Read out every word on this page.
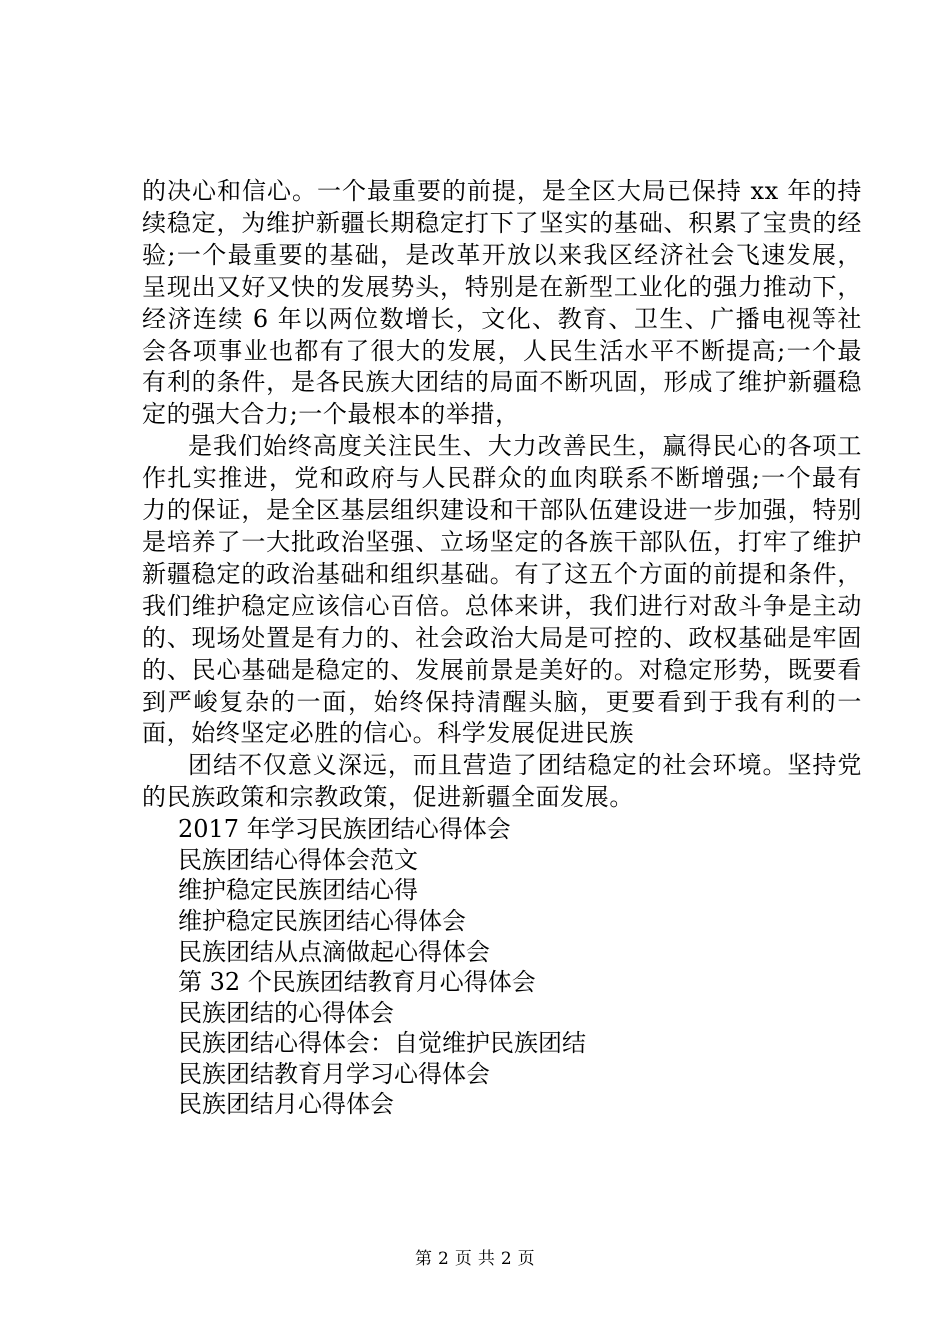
的决心和信心。一个最重要的前提，是全区大局已保持 xx 年的持续稳定，为维护新疆长期稳定打下了坚实的基础、积累了宝贵的经验;一个最重要的基础，是改革开放以来我区经济社会飞速发展，呈现出又好又快的发展势头，特别是在新型工业化的强力推动下，经济连续 6 年以两位数增长，文化、教育、卫生、广播电视等社会各项事业也都有了很大的发展，人民生活水平不断提高;一个最有利的条件，是各民族大团结的局面不断巩固，形成了维护新疆稳定的强大合力;一个最根本的举措，

是我们始终高度关注民生、大力改善民生，赢得民心的各项工作扎实推进，党和政府与人民群众的血肉联系不断增强;一个最有力的保证，是全区基层组织建设和干部队伍建设进一步加强，特别是培养了一大批政治坚强、立场坚定的各族干部队伍，打牢了维护新疆稳定的政治基础和组织基础。有了这五个方面的前提和条件，我们维护稳定应该信心百倍。总体来讲，我们进行对敌斗争是主动的、现场处置是有力的、社会政治大局是可控的、政权基础是牢固的、民心基础是稳定的、发展前景是美好的。对稳定形势，既要看到严峻复杂的一面，始终保持清醒头脑，更要看到于我有利的一面，始终坚定必胜的信心。科学发展促进民族

团结不仅意义深远，而且营造了团结稳定的社会环境。坚持党的民族政策和宗教政策，促进新疆全面发展。

2017 年学习民族团结心得体会
民族团结心得体会范文
维护稳定民族团结心得
维护稳定民族团结心得体会
民族团结从点滴做起心得体会
第 32 个民族团结教育月心得体会
民族团结的心得体会
民族团结心得体会：自觉维护民族团结
民族团结教育月学习心得体会
民族团结月心得体会
第 2 页 共 2 页
